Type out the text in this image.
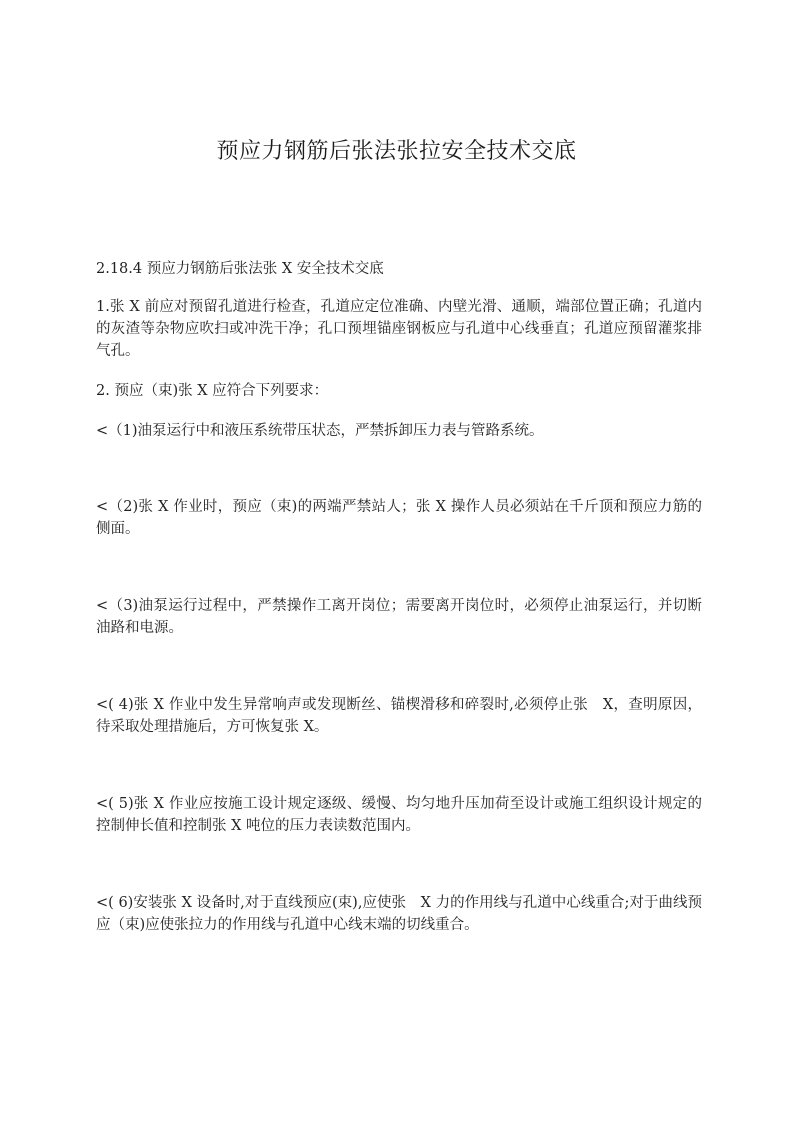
预应力钢筋后张法张拉安全技术交底

2.18.4 预应力钢筋后张法张 X 安全技术交底

1.张 X 前应对预留孔道进行检查，孔道应定位准确、内壁光滑、通顺，端部位置正确；孔道内的灰渣等杂物应吹扫或冲洗干净；孔口预埋锚座钢板应与孔道中心线垂直；孔道应预留灌浆排气孔。

2. 预应（束)张 X 应符合下列要求：

<（1)油泵运行中和液压系统带压状态，严禁拆卸压力表与管路系统。

<（2)张 X 作业时，预应（束)的两端严禁站人；张 X 操作人员必须站在千斤顶和预应力筋的侧面。

<（3)油泵运行过程中，严禁操作工离开岗位；需要离开岗位时，必须停止油泵运行，并切断油路和电源。

<( 4)张 X 作业中发生异常响声或发现断丝、锚楔滑移和碎裂时,必须停止张　X，查明原因，待采取处理措施后，方可恢复张 X。

<( 5)张 X 作业应按施工设计规定逐级、缓慢、均匀地升压加荷至设计或施工组织设计规定的控制伸长值和控制张 X 吨位的压力表读数范围内。

<( 6)安装张 X 设备时,对于直线预应(束),应使张　X 力的作用线与孔道中心线重合;对于曲线预应（束)应使张拉力的作用线与孔道中心线末端的切线重合。
